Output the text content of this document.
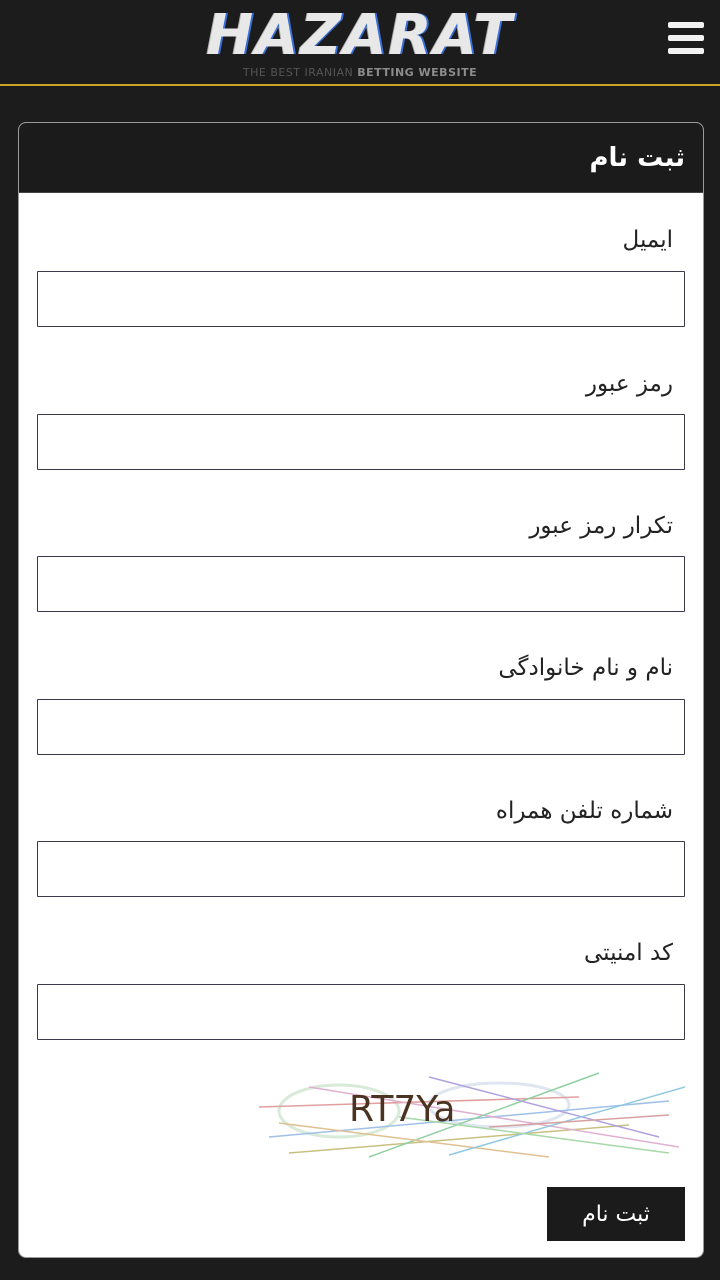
HAZARAT
THE BEST IRANIAN BETTING WEBSITE
ثبت نام
ایمیل
رمز عبور
تکرار رمز عبور
نام و نام خانوادگی
شماره تلفن همراه
کد امنیتی
RT7Ya
ثبت نام
